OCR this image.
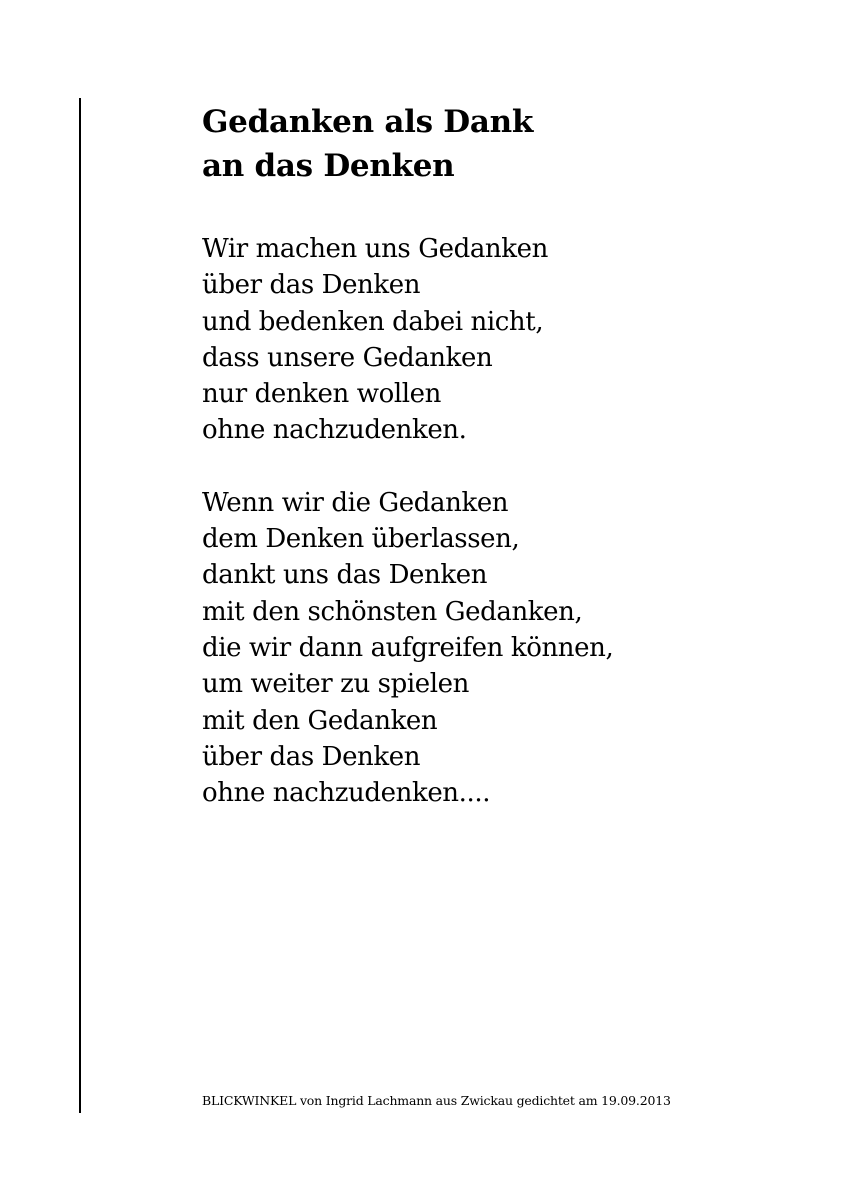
Gedanken als Dank
an das Denken

Wir machen uns Gedanken
über das Denken
und bedenken dabei nicht,
dass unsere Gedanken
nur denken wollen
ohne nachzudenken.

Wenn wir die Gedanken
dem Denken überlassen,
dankt uns das Denken
mit den schönsten Gedanken,
die wir dann aufgreifen können,
um weiter zu spielen
mit den Gedanken
über das Denken
ohne nachzudenken....

BLICKWINKEL von Ingrid Lachmann aus Zwickau gedichtet am 19.09.2013
